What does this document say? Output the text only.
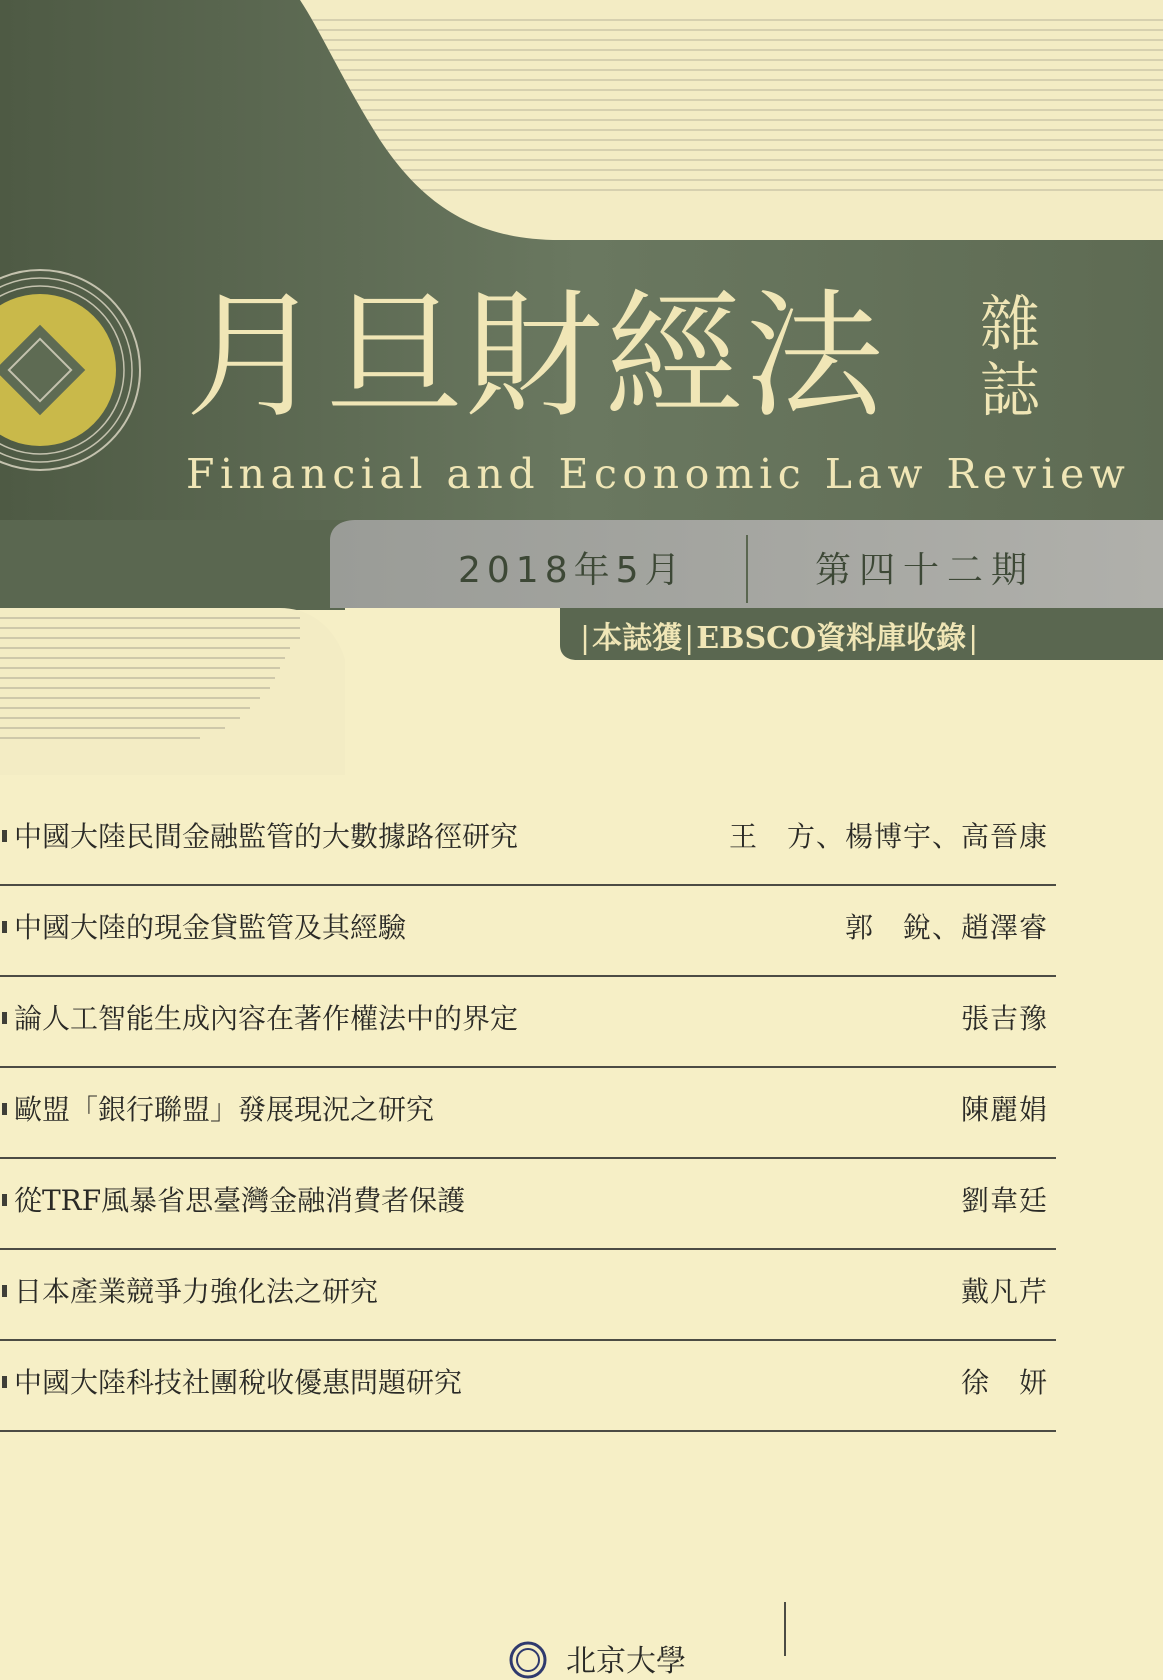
月旦財經法 雜誌
Financial and Economic Law Review
2018年5月	第四十二期
|本誌獲|EBSCO資料庫收錄|
中國大陸民間金融監管的大數據路徑研究	王　方、楊博宇、高晉康
中國大陸的現金貸監管及其經驗	郭　銳、趙澤睿
論人工智能生成內容在著作權法中的界定	張吉豫
歐盟「銀行聯盟」發展現況之研究	陳麗娟
從TRF風暴省思臺灣金融消費者保護	劉韋廷
日本產業競爭力強化法之研究	戴凡芹
中國大陸科技社團稅收優惠問題研究	徐　妍
北京大學
